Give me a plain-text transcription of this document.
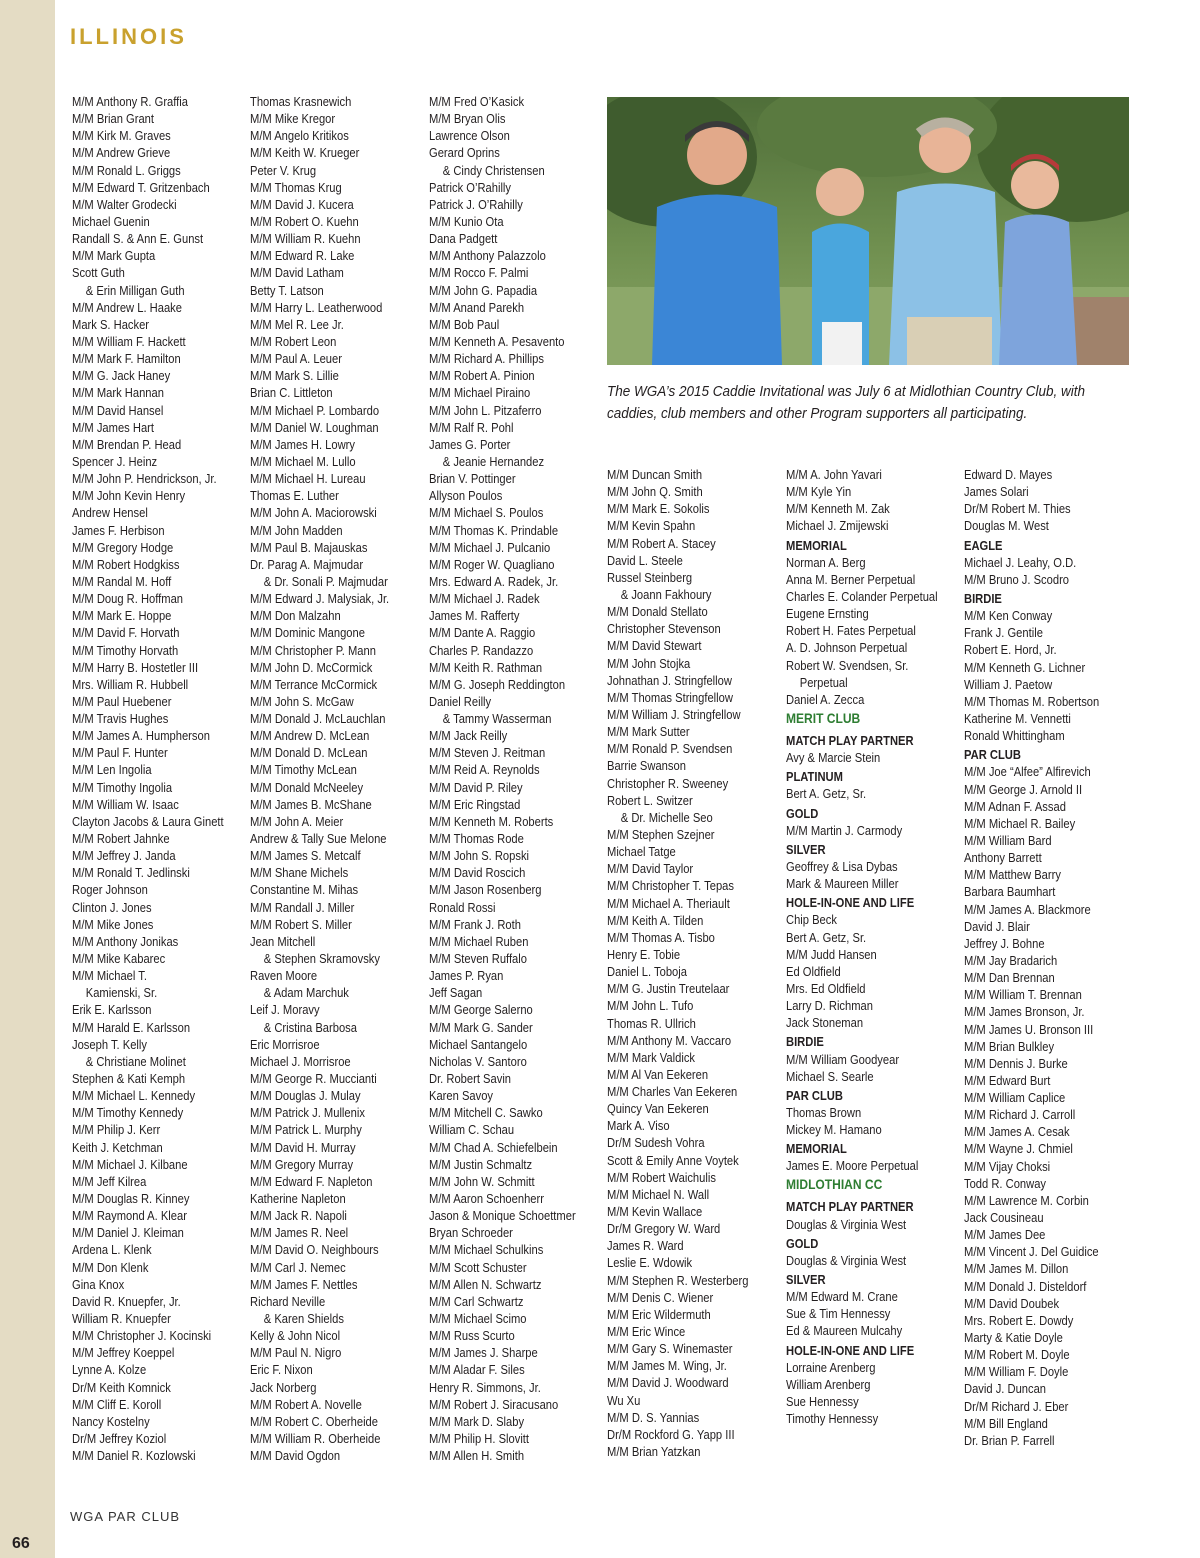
ILLINOIS
M/M Anthony R. Graffia
M/M Brian Grant
M/M Kirk M. Graves
M/M Andrew Grieve
M/M Ronald L. Griggs
M/M Edward T. Gritzenbach
M/M Walter Grodecki
Michael Guenin
Randall S. & Ann E. Gunst
M/M Mark Gupta
Scott Guth
& Erin Milligan Guth
M/M Andrew L. Haake
Mark S. Hacker
M/M William F. Hackett
M/M Mark F. Hamilton
M/M G. Jack Haney
M/M Mark Hannan
M/M David Hansel
M/M James Hart
M/M Brendan P. Head
Spencer J. Heinz
M/M John P. Hendrickson, Jr.
M/M John Kevin Henry
Andrew Hensel
James F. Herbison
M/M Gregory Hodge
M/M Robert Hodgkiss
M/M Randal M. Hoff
M/M Doug R. Hoffman
M/M Mark E. Hoppe
M/M David F. Horvath
M/M Timothy Horvath
M/M Harry B. Hostetler III
Mrs. William R. Hubbell
M/M Paul Huebener
M/M Travis Hughes
M/M James A. Humpherson
M/M Paul F. Hunter
M/M Len Ingolia
M/M Timothy Ingolia
M/M William W. Isaac
Clayton Jacobs & Laura Ginett
M/M Robert Jahnke
M/M Jeffrey J. Janda
M/M Ronald T. Jedlinski
Roger Johnson
Clinton J. Jones
M/M Mike Jones
M/M Anthony Jonikas
M/M Mike Kabarec
M/M Michael T.
Kamienski, Sr.
Erik E. Karlsson
M/M Harald E. Karlsson
Joseph T. Kelly
& Christiane Molinet
Stephen & Kati Kemph
M/M Michael L. Kennedy
M/M Timothy Kennedy
M/M Philip J. Kerr
Keith J. Ketchman
M/M Michael J. Kilbane
M/M Jeff Kilrea
M/M Douglas R. Kinney
M/M Raymond A. Klear
M/M Daniel J. Kleiman
Ardena L. Klenk
M/M Don Klenk
Gina Knox
David R. Knuepfer, Jr.
William R. Knuepfer
M/M Christopher J. Kocinski
M/M Jeffrey Koeppel
Lynne A. Kolze
Dr/M Keith Komnick
M/M Cliff E. Koroll
Nancy Kostelny
Dr/M Jeffrey Koziol
M/M Daniel R. Kozlowski
Thomas Krasnewich
M/M Mike Kregor
M/M Angelo Kritikos
M/M Keith W. Krueger
Peter V. Krug
M/M Thomas Krug
M/M David J. Kucera
M/M Robert O. Kuehn
M/M William R. Kuehn
M/M Edward R. Lake
M/M David Latham
Betty T. Latson
M/M Harry L. Leatherwood
M/M Mel R. Lee Jr.
M/M Robert Leon
M/M Paul A. Leuer
M/M Mark S. Lillie
Brian C. Littleton
M/M Michael P. Lombardo
M/M Daniel W. Loughman
M/M James H. Lowry
M/M Michael M. Lullo
M/M Michael H. Lureau
Thomas E. Luther
M/M John A. Maciorowski
M/M John Madden
M/M Paul B. Majauskas
Dr. Parag A. Majmudar
& Dr. Sonali P. Majmudar
M/M Edward J. Malysiak, Jr.
M/M Don Malzahn
M/M Dominic Mangone
M/M Christopher P. Mann
M/M John D. McCormick
M/M Terrance McCormick
M/M John S. McGaw
M/M Donald J. McLauchlan
M/M Andrew D. McLean
M/M Donald D. McLean
M/M Timothy McLean
M/M Donald McNeeley
M/M James B. McShane
M/M John A. Meier
Andrew & Tally Sue Melone
M/M James S. Metcalf
M/M Shane Michels
Constantine M. Mihas
M/M Randall J. Miller
M/M Robert S. Miller
Jean Mitchell
& Stephen Skramovsky
Raven Moore
& Adam Marchuk
Leif J. Moravy
& Cristina Barbosa
Eric Morrisroe
Michael J. Morrisroe
M/M George R. Muccianti
M/M Douglas J. Mulay
M/M Patrick J. Mullenix
M/M Patrick L. Murphy
M/M David H. Murray
M/M Gregory Murray
M/M Edward F. Napleton
Katherine Napleton
M/M Jack R. Napoli
M/M James R. Neel
M/M David O. Neighbours
M/M Carl J. Nemec
M/M James F. Nettles
Richard Neville
& Karen Shields
Kelly & John Nicol
M/M Paul N. Nigro
Eric F. Nixon
Jack Norberg
M/M Robert A. Novelle
M/M Robert C. Oberheide
M/M William R. Oberheide
M/M David Ogdon
M/M Fred O’Kasick
M/M Bryan Olis
Lawrence Olson
Gerard Oprins
& Cindy Christensen
Patrick O’Rahilly
Patrick J. O’Rahilly
M/M Kunio Ota
Dana Padgett
M/M Anthony Palazzolo
M/M Rocco F. Palmi
M/M John G. Papadia
M/M Anand Parekh
M/M Bob Paul
M/M Kenneth A. Pesavento
M/M Richard A. Phillips
M/M Robert A. Pinion
M/M Michael Piraino
M/M John L. Pitzaferro
M/M Ralf R. Pohl
James G. Porter
& Jeanie Hernandez
Brian V. Pottinger
Allyson Poulos
M/M Michael S. Poulos
M/M Thomas K. Prindable
M/M Michael J. Pulcanio
M/M Roger W. Quagliano
Mrs. Edward A. Radek, Jr.
M/M Michael J. Radek
James M. Rafferty
M/M Dante A. Raggio
Charles P. Randazzo
M/M Keith R. Rathman
M/M G. Joseph Reddington
Daniel Reilly
& Tammy Wasserman
M/M Jack Reilly
M/M Steven J. Reitman
M/M Reid A. Reynolds
M/M David P. Riley
M/M Eric Ringstad
M/M Kenneth M. Roberts
M/M Thomas Rode
M/M John S. Ropski
M/M David Roscich
M/M Jason Rosenberg
Ronald Rossi
M/M Frank J. Roth
M/M Michael Ruben
M/M Steven Ruffalo
James P. Ryan
Jeff Sagan
M/M George Salerno
M/M Mark G. Sander
Michael Santangelo
Nicholas V. Santoro
Dr. Robert Savin
Karen Savoy
M/M Mitchell C. Sawko
William C. Schau
M/M Chad A. Schiefelbein
M/M Justin Schmaltz
M/M John W. Schmitt
M/M Aaron Schoenherr
Jason & Monique Schoettmer
Bryan Schroeder
M/M Michael Schulkins
M/M Scott Schuster
M/M Allen N. Schwartz
M/M Carl Schwartz
M/M Michael Scimo
M/M Russ Scurto
M/M James J. Sharpe
M/M Aladar F. Siles
Henry R. Simmons, Jr.
M/M Robert J. Siracusano
M/M Mark D. Slaby
M/M Philip H. Slovitt
M/M Allen H. Smith
The WGA’s 2015 Caddie Invitational was July 6 at Midlothian Country Club, with caddies, club members and other Program supporters all participating.
M/M Duncan Smith
M/M John Q. Smith
M/M Mark E. Sokolis
M/M Kevin Spahn
M/M Robert A. Stacey
David L. Steele
Russel Steinberg
& Joann Fakhoury
M/M Donald Stellato
Christopher Stevenson
M/M David Stewart
M/M John Stojka
Johnathan J. Stringfellow
M/M Thomas Stringfellow
M/M William J. Stringfellow
M/M Mark Sutter
M/M Ronald P. Svendsen
Barrie Swanson
Christopher R. Sweeney
Robert L. Switzer
& Dr. Michelle Seo
M/M Stephen Szejner
Michael Tatge
M/M David Taylor
M/M Christopher T. Tepas
M/M Michael A. Theriault
M/M Keith A. Tilden
M/M Thomas A. Tisbo
Henry E. Tobie
Daniel L. Toboja
M/M G. Justin Treutelaar
M/M John L. Tufo
Thomas R. Ullrich
M/M Anthony M. Vaccaro
M/M Mark Valdick
M/M Al Van Eekeren
M/M Charles Van Eekeren
Quincy Van Eekeren
Mark A. Viso
Dr/M Sudesh Vohra
Scott & Emily Anne Voytek
M/M Robert Waichulis
M/M Michael N. Wall
M/M Kevin Wallace
Dr/M Gregory W. Ward
James R. Ward
Leslie E. Wdowik
M/M Stephen R. Westerberg
M/M Denis C. Wiener
M/M Eric Wildermuth
M/M Eric Wince
M/M Gary S. Winemaster
M/M James M. Wing, Jr.
M/M David J. Woodward
Wu Xu
M/M D. S. Yannias
Dr/M Rockford G. Yapp III
M/M Brian Yatzkan
M/M A. John Yavari
M/M Kyle Yin
M/M Kenneth M. Zak
Michael J. Zmijewski
MEMORIAL
Norman A. Berg
Anna M. Berner Perpetual
Charles E. Colander Perpetual
Eugene Ernsting
Robert H. Fates Perpetual
A. D. Johnson Perpetual
Robert W. Svendsen, Sr.
Perpetual
Daniel A. Zecca
MERIT CLUB
MATCH PLAY PARTNER
Avy & Marcie Stein
PLATINUM
Bert A. Getz, Sr.
GOLD
M/M Martin J. Carmody
SILVER
Geoffrey & Lisa Dybas
Mark & Maureen Miller
HOLE-IN-ONE AND LIFE
Chip Beck
Bert A. Getz, Sr.
M/M Judd Hansen
Ed Oldfield
Mrs. Ed Oldfield
Larry D. Richman
Jack Stoneman
BIRDIE
M/M William Goodyear
Michael S. Searle
PAR CLUB
Thomas Brown
Mickey M. Hamano
MEMORIAL
James E. Moore Perpetual
MIDLOTHIAN CC
MATCH PLAY PARTNER
Douglas & Virginia West
GOLD
Douglas & Virginia West
SILVER
M/M Edward M. Crane
Sue & Tim Hennessy
Ed & Maureen Mulcahy
HOLE-IN-ONE AND LIFE
Lorraine Arenberg
William Arenberg
Sue Hennessy
Timothy Hennessy
Edward D. Mayes
James Solari
Dr/M Robert M. Thies
Douglas M. West
EAGLE
Michael J. Leahy, O.D.
M/M Bruno J. Scodro
BIRDIE
M/M Ken Conway
Frank J. Gentile
Robert E. Hord, Jr.
M/M Kenneth G. Lichner
William J. Paetow
M/M Thomas M. Robertson
Katherine M. Vennetti
Ronald Whittingham
PAR CLUB
M/M Joe “Alfee” Alfirevich
M/M George J. Arnold II
M/M Adnan F. Assad
M/M Michael R. Bailey
M/M William Bard
Anthony Barrett
M/M Matthew Barry
Barbara Baumhart
M/M James A. Blackmore
David J. Blair
Jeffrey J. Bohne
M/M Jay Bradarich
M/M Dan Brennan
M/M William T. Brennan
M/M James Bronson, Jr.
M/M James U. Bronson III
M/M Brian Bulkley
M/M Dennis J. Burke
M/M Edward Burt
M/M William Caplice
M/M Richard J. Carroll
M/M James A. Cesak
M/M Wayne J. Chmiel
M/M Vijay Choksi
Todd R. Conway
M/M Lawrence M. Corbin
Jack Cousineau
M/M James Dee
M/M Vincent J. Del Guidice
M/M James M. Dillon
M/M Donald J. Disteldorf
M/M David Doubek
Mrs. Robert E. Dowdy
Marty & Katie Doyle
M/M Robert M. Doyle
M/M William F. Doyle
David J. Duncan
Dr/M Richard J. Eber
M/M Bill England
Dr. Brian P. Farrell
66
WGA PAR CLUB
